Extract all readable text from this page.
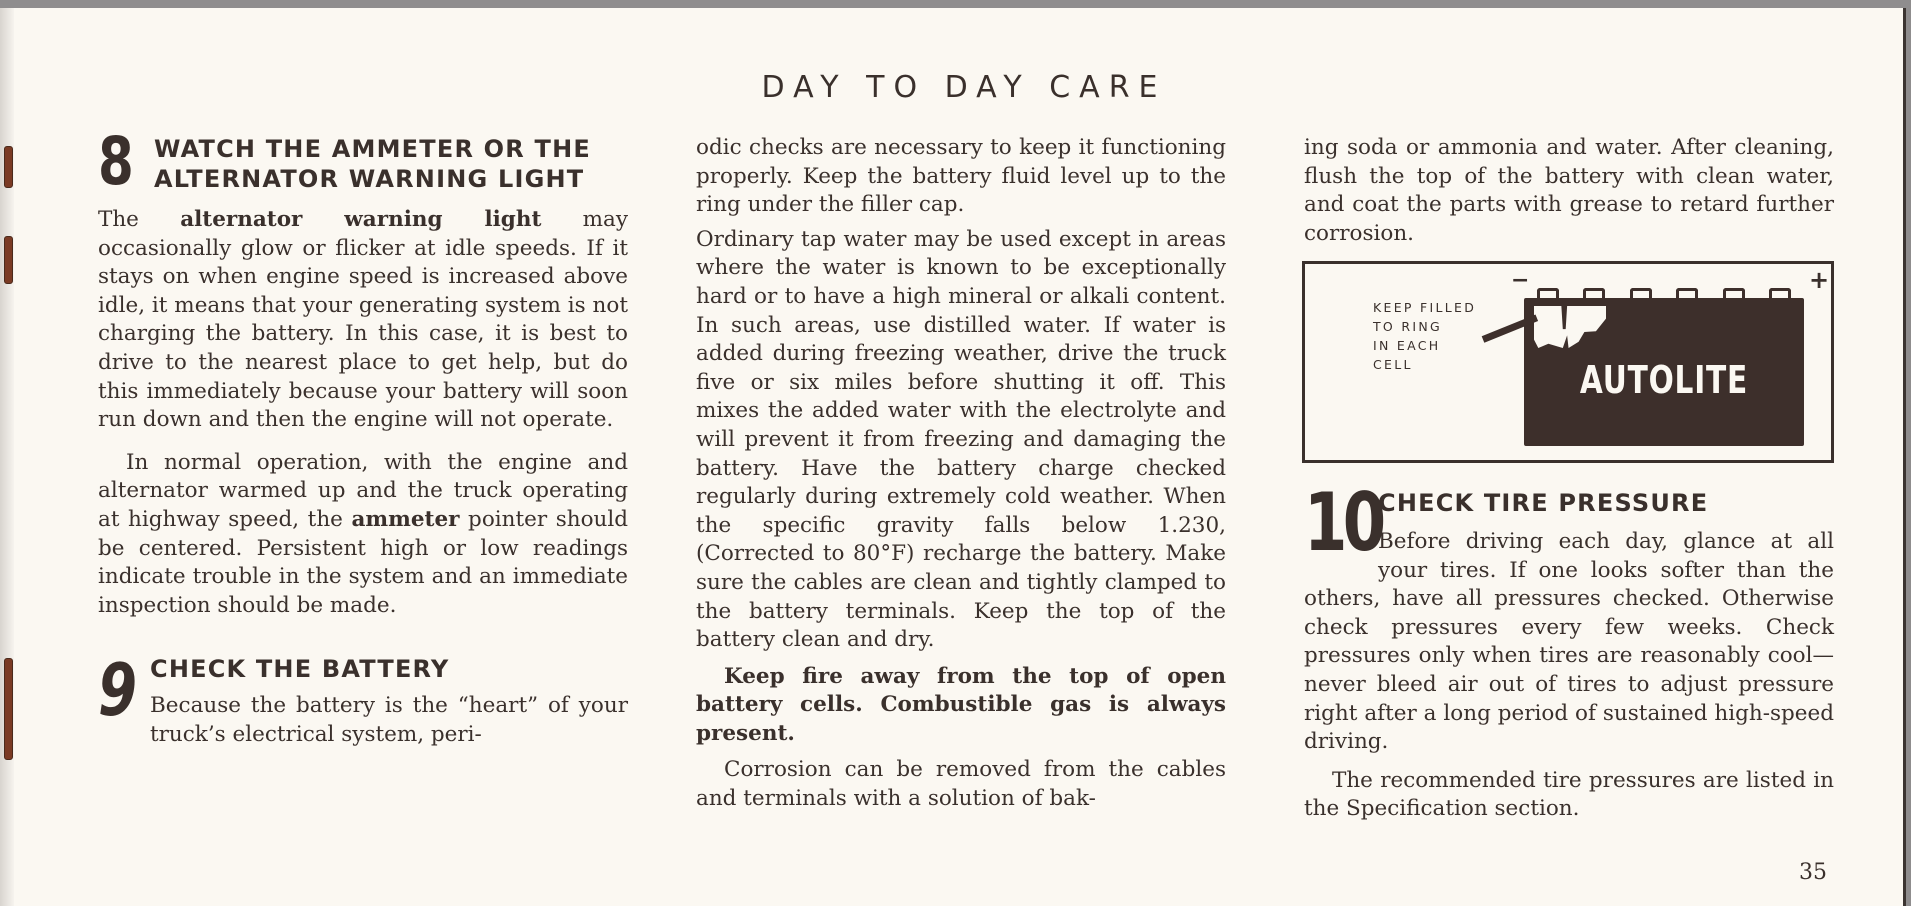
DAY TO DAY CARE
8 WATCH THE AMMETER OR THE
ALTERNATOR WARNING LIGHT

The alternator warning light may occasionally glow or flicker at idle speeds. If it stays on when engine speed is increased above idle, it means that your generating system is not charging the battery. In this case, it is best to drive to the nearest place to get help, but do this immediately because your battery will soon run down and then the engine will not operate.

In normal operation, with the engine and alternator warmed up and the truck operating at highway speed, the ammeter pointer should be centered. Persistent high or low readings indicate trouble in the system and an immediate inspection should be made.

9 CHECK THE BATTERY

Because the battery is the “heart” of your truck’s electrical system, peri-

odic checks are necessary to keep it functioning properly. Keep the battery fluid level up to the ring under the filler cap.

Ordinary tap water may be used except in areas where the water is known to be exceptionally hard or to have a high mineral or alkali content. In such areas, use distilled water. If water is added during freezing weather, drive the truck five or six miles before shutting it off. This mixes the added water with the electrolyte and will prevent it from freezing and damaging the battery. Have the battery charge checked regularly during extremely cold weather. When the specific gravity falls below 1.230, (Corrected to 80°F) recharge the battery. Make sure the cables are clean and tightly clamped to the battery terminals. Keep the top of the battery clean and dry.

Keep fire away from the top of open battery cells. Combustible gas is always present.

Corrosion can be removed from the cables and terminals with a solution of bak-

ing soda or ammonia and water. After cleaning, flush the top of the battery with clean water, and coat the parts with grease to retard further corrosion.

KEEP FILLED
TO RING
IN EACH
CELL
−	+
AUTOLITE
10
CHECK TIRE PRESSURE

Before driving each day, glance at all your tires. If one looks softer than the others, have all pressures checked. Otherwise check pressures every few weeks. Check pressures only when tires are reasonably cool—never bleed air out of tires to adjust pressure right after a long period of sustained high-speed driving.

The recommended tire pressures are listed in the Specification section.

35
